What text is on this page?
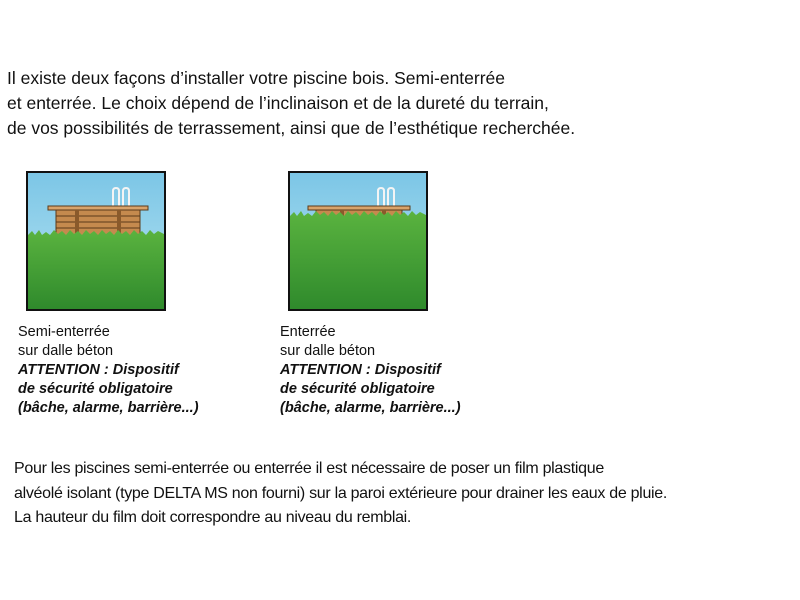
Il existe deux façons d’installer votre piscine bois. Semi-enterrée
et enterrée. Le choix dépend de l’inclinaison et de la dureté du terrain,
de vos possibilités de terrassement, ainsi que de l’esthétique recherchée.

Semi-enterrée
sur dalle béton
ATTENTION : Dispositif
de sécurité obligatoire
(bâche, alarme, barrière...)
Enterrée
sur dalle béton
ATTENTION : Dispositif
de sécurité obligatoire
(bâche, alarme, barrière...)

Pour les piscines semi-enterrée ou enterrée il est nécessaire de poser un film plastique
alvéolé isolant (type DELTA MS non fourni) sur la paroi extérieure pour drainer les eaux de pluie.
La hauteur du film doit correspondre au niveau du remblai.
